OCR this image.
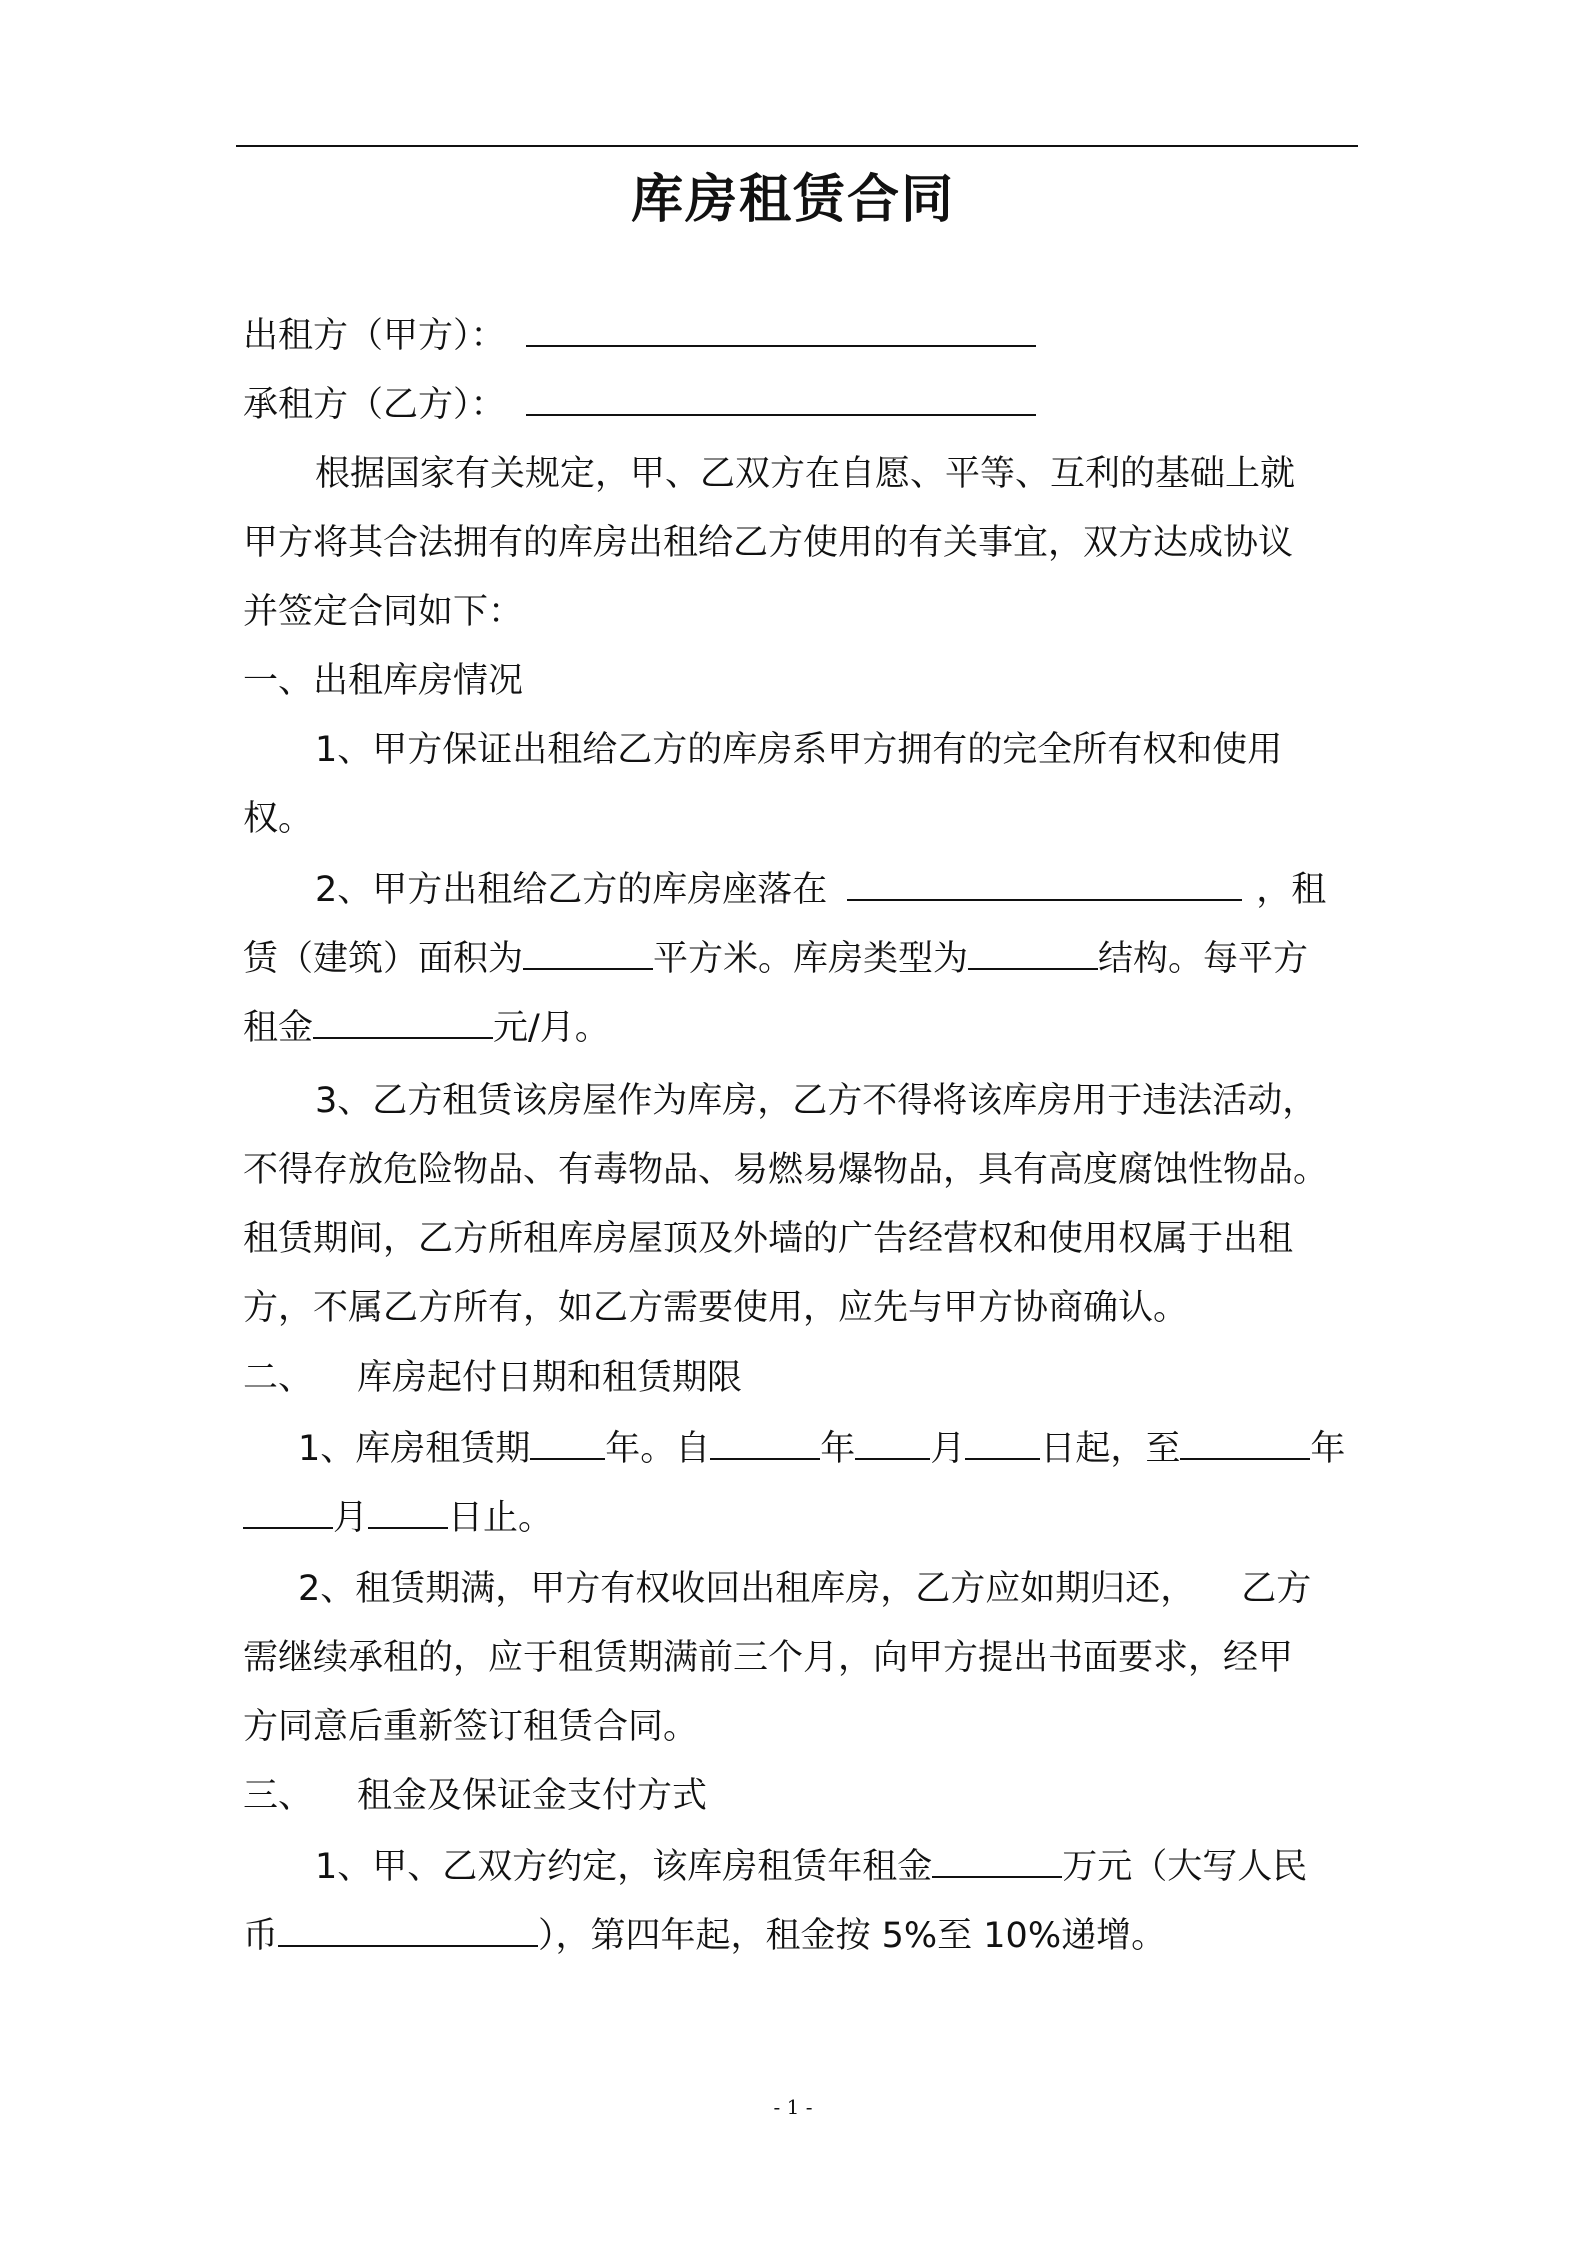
库房租赁合同
出租方（甲方）：
承租方（乙方）：
根据国家有关规定，甲、乙双方在自愿、平等、互利的基础上就
甲方将其合法拥有的库房出租给乙方使用的有关事宜，双方达成协议
并签定合同如下：
一、出租库房情况
1、甲方保证出租给乙方的库房系甲方拥有的完全所有权和使用
权。
2、甲方出租给乙方的库房座落在	，租
赁（建筑）面积为	平方米。库房类型为	结构。每平方
租金	元/月。
3、乙方租赁该房屋作为库房，乙方不得将该库房用于违法活动，
不得存放危险物品、有毒物品、易燃易爆物品，具有高度腐蚀性物品。
租赁期间，乙方所租库房屋顶及外墙的广告经营权和使用权属于出租
方，不属乙方所有，如乙方需要使用，应先与甲方协商确认。
二、 库房起付日期和租赁期限
1、库房租赁期 年。自	年 月 日起，至	年
月 日止。
2、租赁期满，甲方有权收回出租库房，乙方应如期归还， 乙方
需继续承租的，应于租赁期满前三个月，向甲方提出书面要求，经甲
方同意后重新签订租赁合同。
三、 租金及保证金支付方式
1、甲、乙双方约定，该库房租赁年租金	万元（大写人民
币	），第四年起，租金按 5%至 10%递增。
- 1 -
